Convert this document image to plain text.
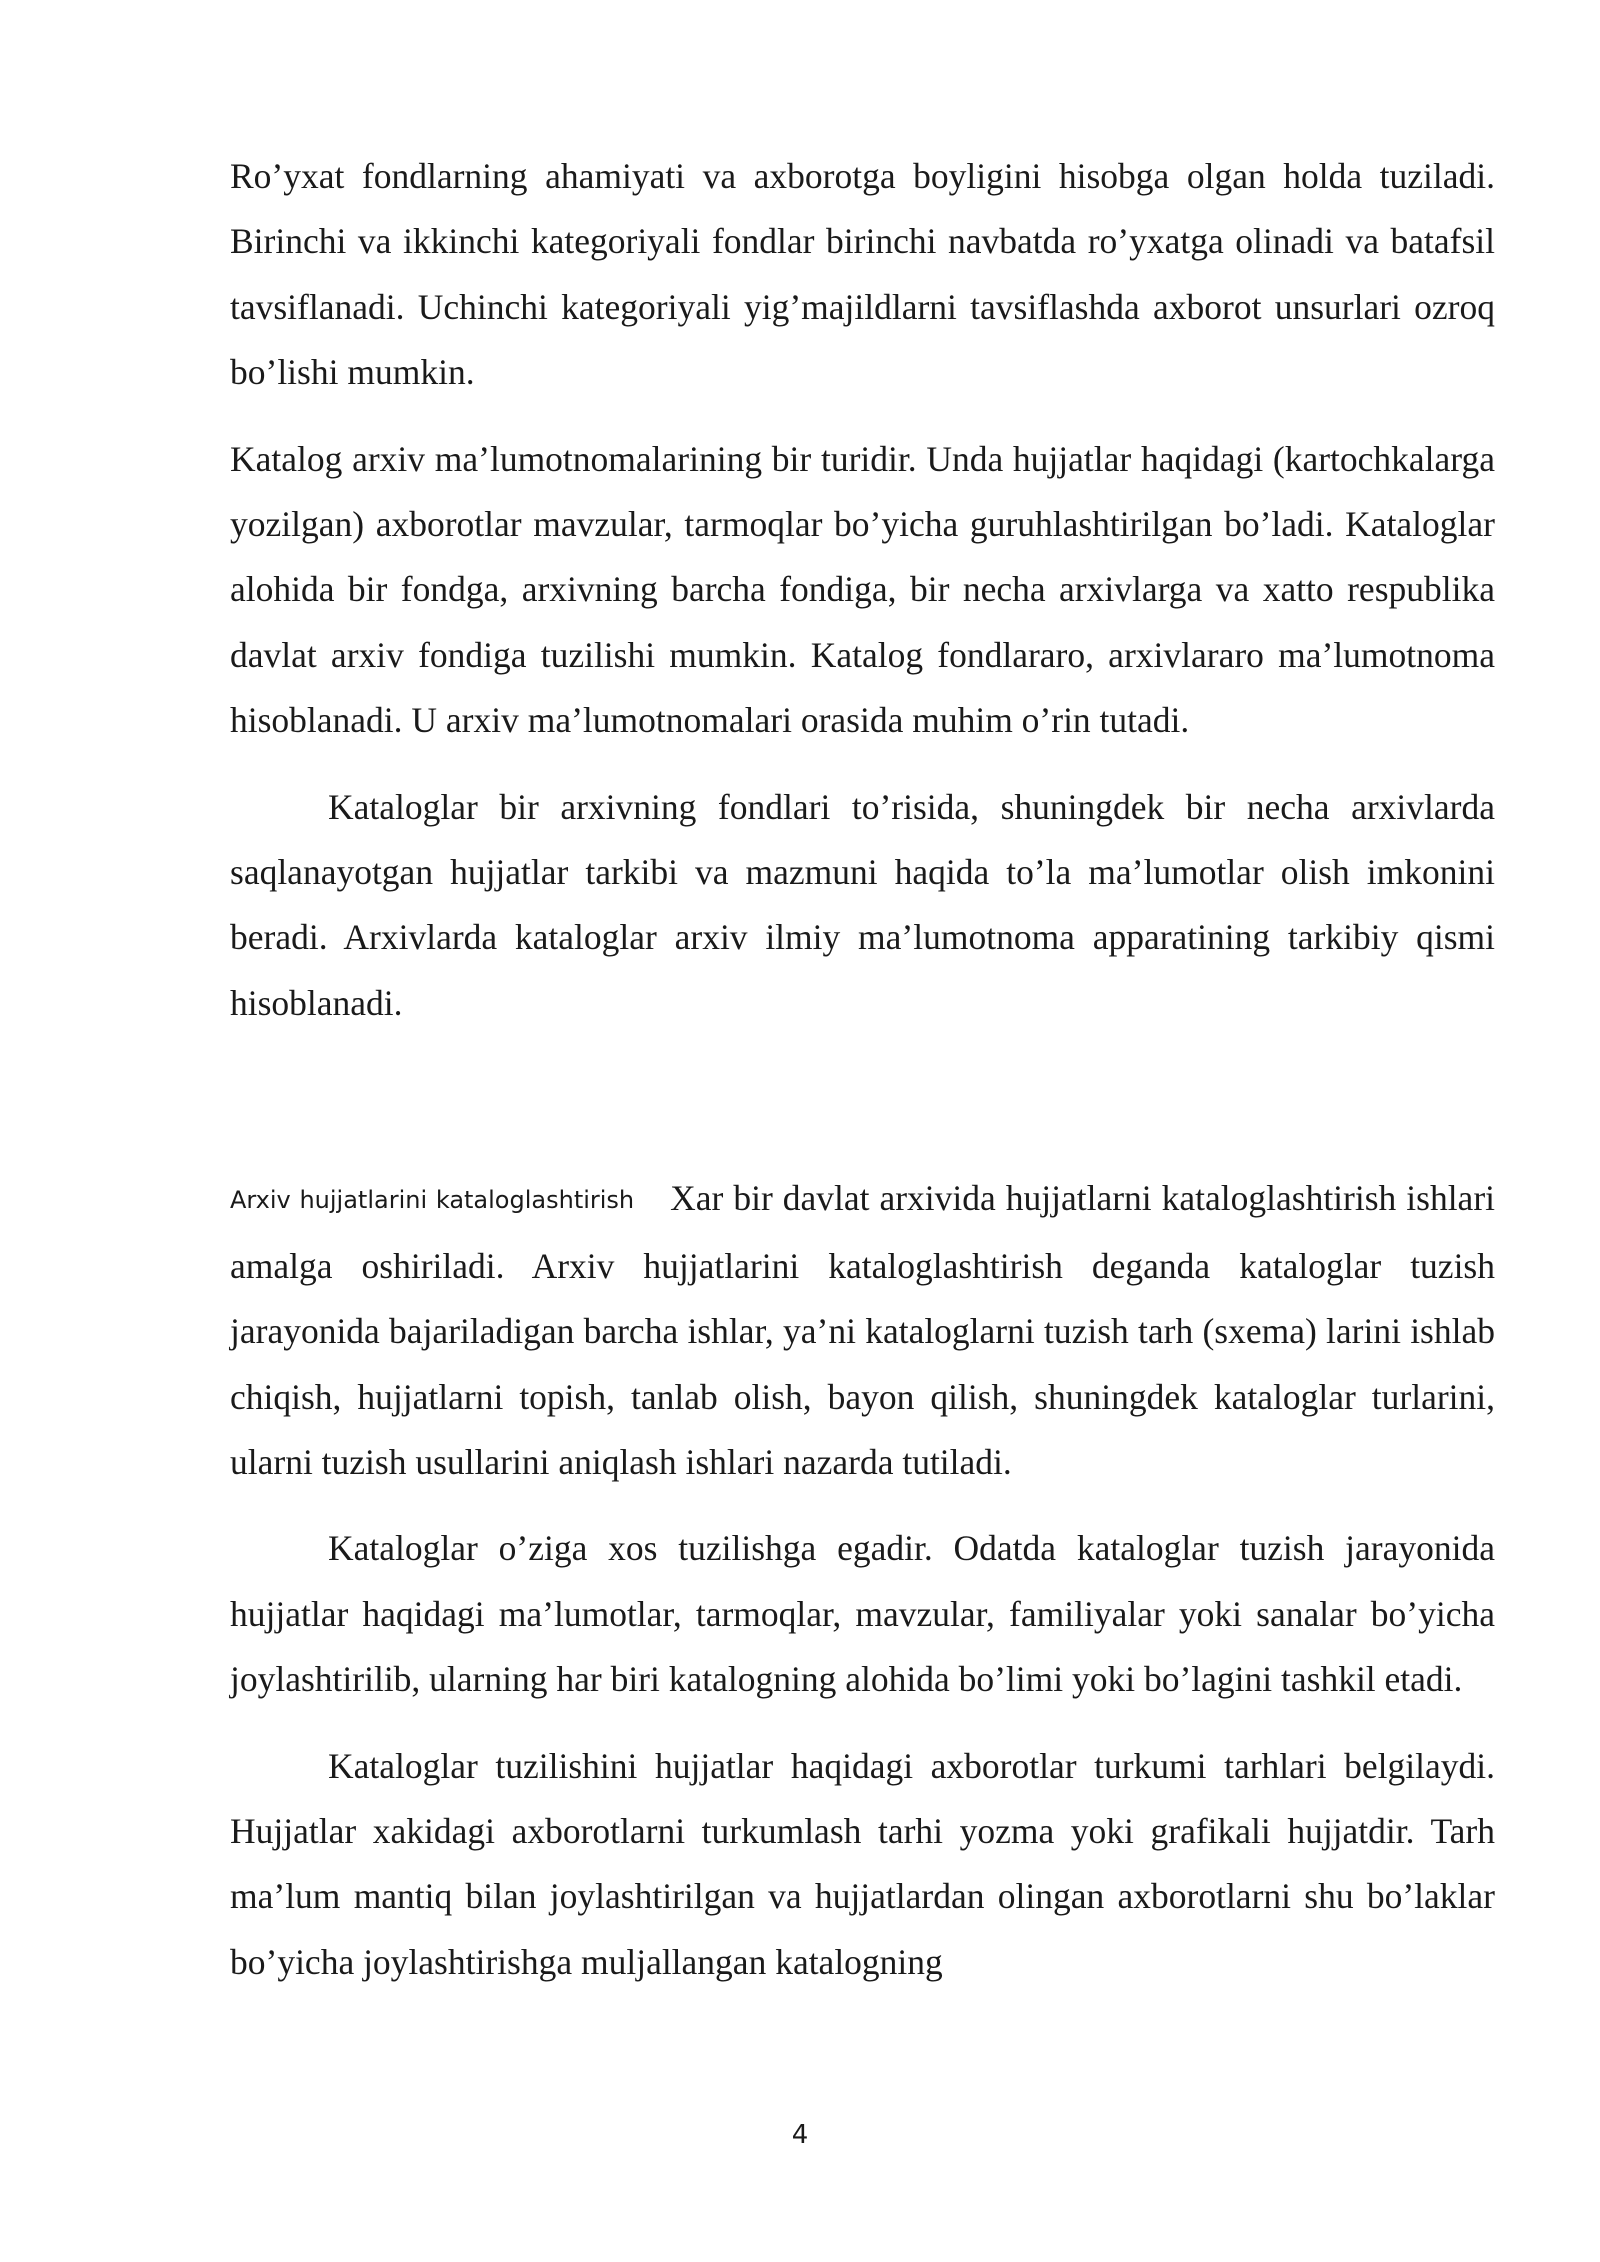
Ro’yxat fondlarning ahamiyati va axborotga boyligini hisobga olgan holda tuziladi. Birinchi va ikkinchi kategoriyali fondlar birinchi navbatda ro’yxatga olinadi va batafsil tavsiflanadi. Uchinchi kategoriyali yig’majildlarni tavsiflashda axborot unsurlari ozroq bo’lishi mumkin.

Katalog arxiv ma’lumotnomalarining bir turidir. Unda hujjatlar haqidagi (kartochkalarga yozilgan) axborotlar mavzular, tarmoqlar bo’yicha guruhlashtirilgan bo’ladi. Kataloglar alohida bir fondga, arxivning barcha fondiga, bir necha arxivlarga va xatto respublika davlat arxiv fondiga tuzilishi mumkin. Katalog fondlararo, arxivlararo ma’lumotnoma hisoblanadi. U arxiv ma’lumotnomalari orasida muhim o’rin tutadi.

Kataloglar bir arxivning fondlari to’risida, shuningdek bir necha arxivlarda saqlanayotgan hujjatlar tarkibi va mazmuni haqida to’la ma’lumotlar olish imkonini beradi. Arxivlarda kataloglar arxiv ilmiy ma’lumotnoma apparatining tarkibiy qismi hisoblanadi.

Arxiv hujjatlarini kataloglashtirish Xar bir davlat arxivida hujjatlarni kataloglashtirish ishlari amalga oshiriladi. Arxiv hujjatlarini kataloglashtirish deganda kataloglar tuzish jarayonida bajariladigan barcha ishlar, ya’ni kataloglarni tuzish tarh (sxema) larini ishlab chiqish, hujjatlarni topish, tanlab olish, bayon qilish, shuningdek kataloglar turlarini, ularni tuzish usullarini aniqlash ishlari nazarda tutiladi.

Kataloglar o’ziga xos tuzilishga egadir. Odatda kataloglar tuzish jarayonida hujjatlar haqidagi ma’lumotlar, tarmoqlar, mavzular, familiyalar yoki sanalar bo’yicha joylashtirilib, ularning har biri katalogning alohida bo’limi yoki bo’lagini tashkil etadi.

Kataloglar tuzilishini hujjatlar haqidagi axborotlar turkumi tarhlari belgilaydi. Hujjatlar xakidagi axborotlarni turkumlash tarhi yozma yoki grafikali hujjatdir. Tarh ma’lum mantiq bilan joylashtirilgan va hujjatlardan olingan axborotlarni shu bo’laklar bo’yicha joylashtirishga muljallangan katalogning

4
